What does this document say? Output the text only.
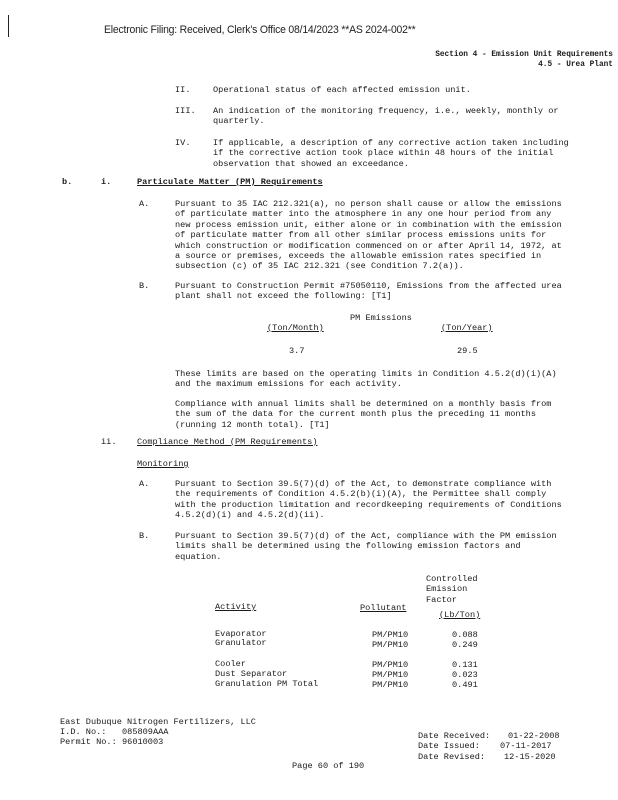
Electronic Filing: Received, Clerk's Office 08/14/2023 **AS 2024-002**
Section 4 - Emission Unit Requirements
4.5 - Urea Plant
II.	Operational status of each affected emission unit.
III. An indication of the monitoring frequency, i.e., weekly, monthly or
quarterly.
IV.	If applicable, a description of any corrective action taken including
if the corrective action took place within 48 hours of the initial
observation that showed an exceedance.
b.	i.	Particulate Matter (PM) Requirements
A.	Pursuant to 35 IAC 212.321(a), no person shall cause or allow the emissions
of particulate matter into the atmosphere in any one hour period from any
new process emission unit, either alone or in combination with the emission
of particulate matter from all other similar process emissions units for
which construction or modification commenced on or after April 14, 1972, at
a source or premises, exceeds the allowable emission rates specified in
subsection (c) of 35 IAC 212.321 (see Condition 7.2(a)).
B.	Pursuant to Construction Permit #75050110, Emissions from the affected urea
plant shall not exceed the following: [T1]
PM Emissions
(Ton/Month)	(Ton/Year)
3.7	29.5
These limits are based on the operating limits in Condition 4.5.2(d)(i)(A)
and the maximum emissions for each activity.
Compliance with annual limits shall be determined on a monthly basis from
the sum of the data for the current month plus the preceding 11 months
(running 12 month total). [T1]
ii. Compliance Method (PM Requirements)
Monitoring
A.	Pursuant to Section 39.5(7)(d) of the Act, to demonstrate compliance with
the requirements of Condition 4.5.2(b)(i)(A), the Permittee shall comply
with the production limitation and recordkeeping requirements of Conditions
4.5.2(d)(i) and 4.5.2(d)(ii).
B.	Pursuant to Section 39.5(7)(d) of the Act, compliance with the PM emission
limits shall be determined using the following emission factors and
equation.
Controlled
Emission
Factor
Activity	Pollutant
(Lb/Ton)
Evaporator	PM/PM10	0.088
Granulator	PM/PM10	0.249
Cooler	PM/PM10	0.131
Dust Separator	PM/PM10	0.023
Granulation PM Total	PM/PM10	0.491
East Dubuque Nitrogen Fertilizers, LLC
I.D. No.: 085809AAA
Permit No.: 96010003
Date Received: 01-22-2008
Date Issued: 07-11-2017
Date Revised: 12-15-2020
Page 60 of 190
